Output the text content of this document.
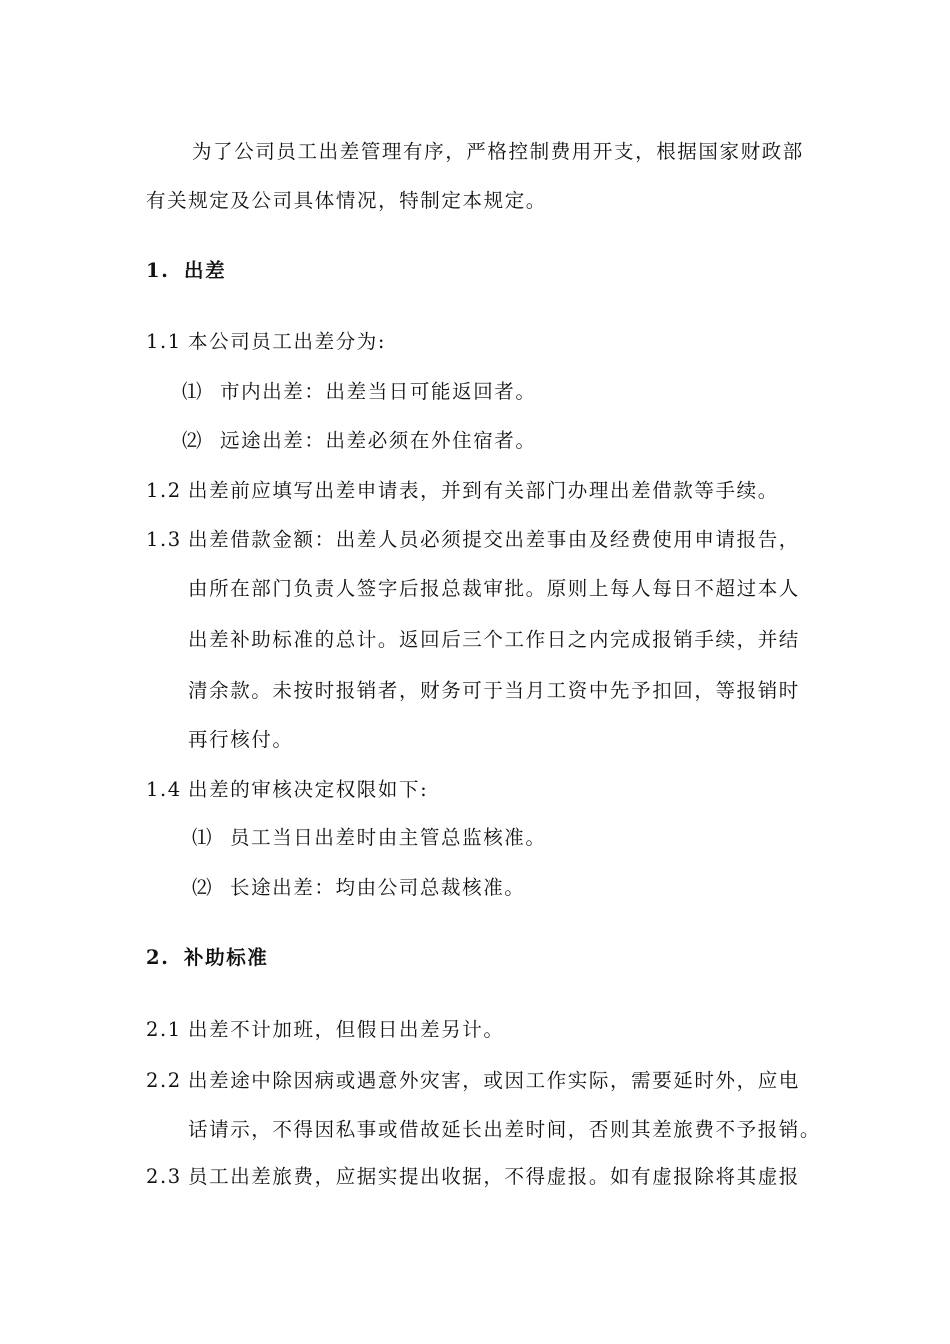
为了公司员工出差管理有序，严格控制费用开支，根据国家财政部
有关规定及公司具体情况，特制定本规定。
1. 出差
1.1 本公司员工出差分为:
⑴ 市内出差：出差当日可能返回者。
⑵ 远途出差：出差必须在外住宿者。
1.2 出差前应填写出差申请表，并到有关部门办理出差借款等手续。
1.3 出差借款金额：出差人员必须提交出差事由及经费使用申请报告，
由所在部门负责人签字后报总裁审批。原则上每人每日不超过本人
出差补助标准的总计。返回后三个工作日之内完成报销手续，并结
清余款。未按时报销者，财务可于当月工资中先予扣回，等报销时
再行核付。
1.4 出差的审核决定权限如下:
⑴ 员工当日出差时由主管总监核准。
⑵ 长途出差：均由公司总裁核准。
2. 补助标准
2.1 出差不计加班，但假日出差另计。
2.2 出差途中除因病或遇意外灾害，或因工作实际，需要延时外，应电
话请示，不得因私事或借故延长出差时间，否则其差旅费不予报销。
2.3 员工出差旅费，应据实提出收据，不得虚报。如有虚报除将其虚报
